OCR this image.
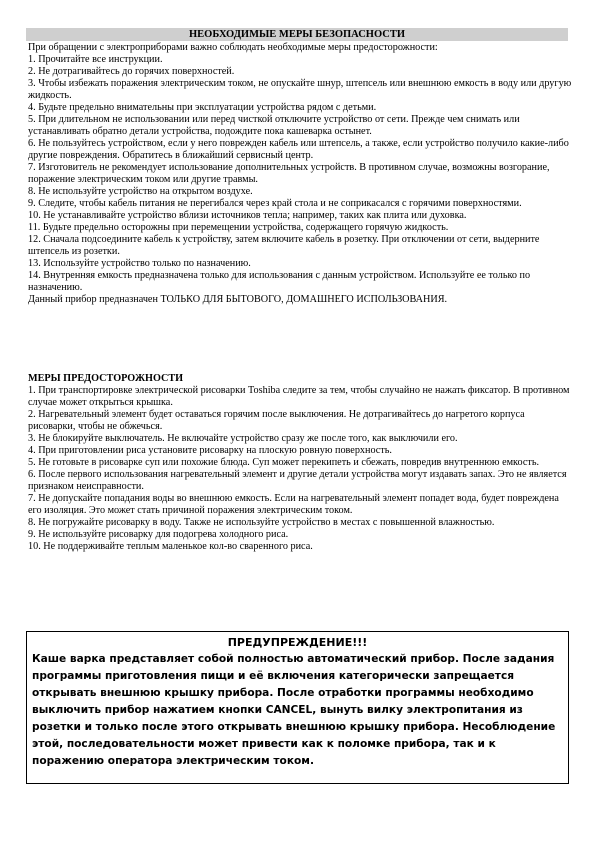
НЕОБХОДИМЫЕ МЕРЫ БЕЗОПАСНОСТИ

При обращении с электроприборами важно соблюдать необходимые меры предосторожности:

1. Прочитайте все инструкции.

2. Не дотрагивайтесь до горячих поверхностей.

3. Чтобы избежать поражения электрическим током, не опускайте шнур, штепсель или внешнюю емкость в воду или другую жидкость.

4. Будьте предельно внимательны при эксплуатации устройства рядом с детьми.

5. При длительном не использовании или перед чисткой отключите устройство от сети. Прежде чем снимать или устанавливать обратно детали устройства, подождите пока кашеварка остынет.

6. Не пользуйтесь устройством, если у него поврежден кабель или штепсель, а также, если устройство получило какие-либо другие повреждения. Обратитесь в ближайший сервисный центр.

7. Изготовитель не рекомендует использование дополнительных устройств. В противном случае, возможны возгорание, поражение электрическим током или другие травмы.

8. Не используйте устройство на открытом воздухе.

9. Следите, чтобы кабель питания не перегибался через край стола и не соприкасался с горячими поверхностями.

10. Не устанавливайте устройство вблизи источников тепла; например, таких как плита или духовка.

11. Будьте предельно осторожны при перемещении устройства, содержащего горячую жидкость.

12. Сначала подсоедините кабель к устройству, затем включите кабель в розетку. При отключении от сети, выдерните штепсель из розетки.

13. Используйте устройство только по назначению.

14. Внутренняя емкость предназначена только для использования с данным устройством. Используйте ее только по назначению.

Данный прибор предназначен ТОЛЬКО ДЛЯ БЫТОВОГО, ДОМАШНЕГО ИСПОЛЬЗОВАНИЯ.

МЕРЫ ПРЕДОСТОРОЖНОСТИ

1. При транспортировке электрической рисоварки Toshiba следите за тем, чтобы случайно не нажать фиксатор. В противном случае может открыться крышка.

2. Нагревательный элемент будет оставаться горячим после выключения. Не дотрагивайтесь до нагретого корпуса рисоварки, чтобы не обжечься.

3. Не блокируйте выключатель. Не включайте устройство сразу же после того, как выключили его.

4. При приготовлении риса установите рисоварку на плоскую ровную поверхность.

5. Не готовьте в рисоварке суп или похожие блюда. Суп может перекипеть и сбежать, повредив внутреннюю емкость.

6. После первого использования нагревательный элемент и другие детали устройства могут издавать запах. Это не является признаком неисправности.

7. Не допускайте попадания воды во внешнюю емкость. Если на нагревательный элемент попадет вода, будет повреждена его изоляция. Это может стать причиной поражения электрическим током.

8. Не погружайте рисоварку в воду. Также не используйте устройство в местах с повышенной влажностью.

9. Не используйте рисоварку для подогрева холодного риса.

10. Не поддерживайте теплым маленькое кол-во сваренного риса.

ПРЕДУПРЕЖДЕНИЕ!!!

Каше варка представляет собой полностью автоматический прибор. После задания программы приготовления пищи и её включения категорически запрещается открывать внешнюю крышку прибора. После отработки программы необходимо выключить прибор нажатием кнопки CANCEL, вынуть вилку электропитания из розетки и только после этого открывать внешнюю крышку прибора. Несоблюдение этой, последовательности может привести как к поломке прибора, так и к поражению оператора электрическим током.
